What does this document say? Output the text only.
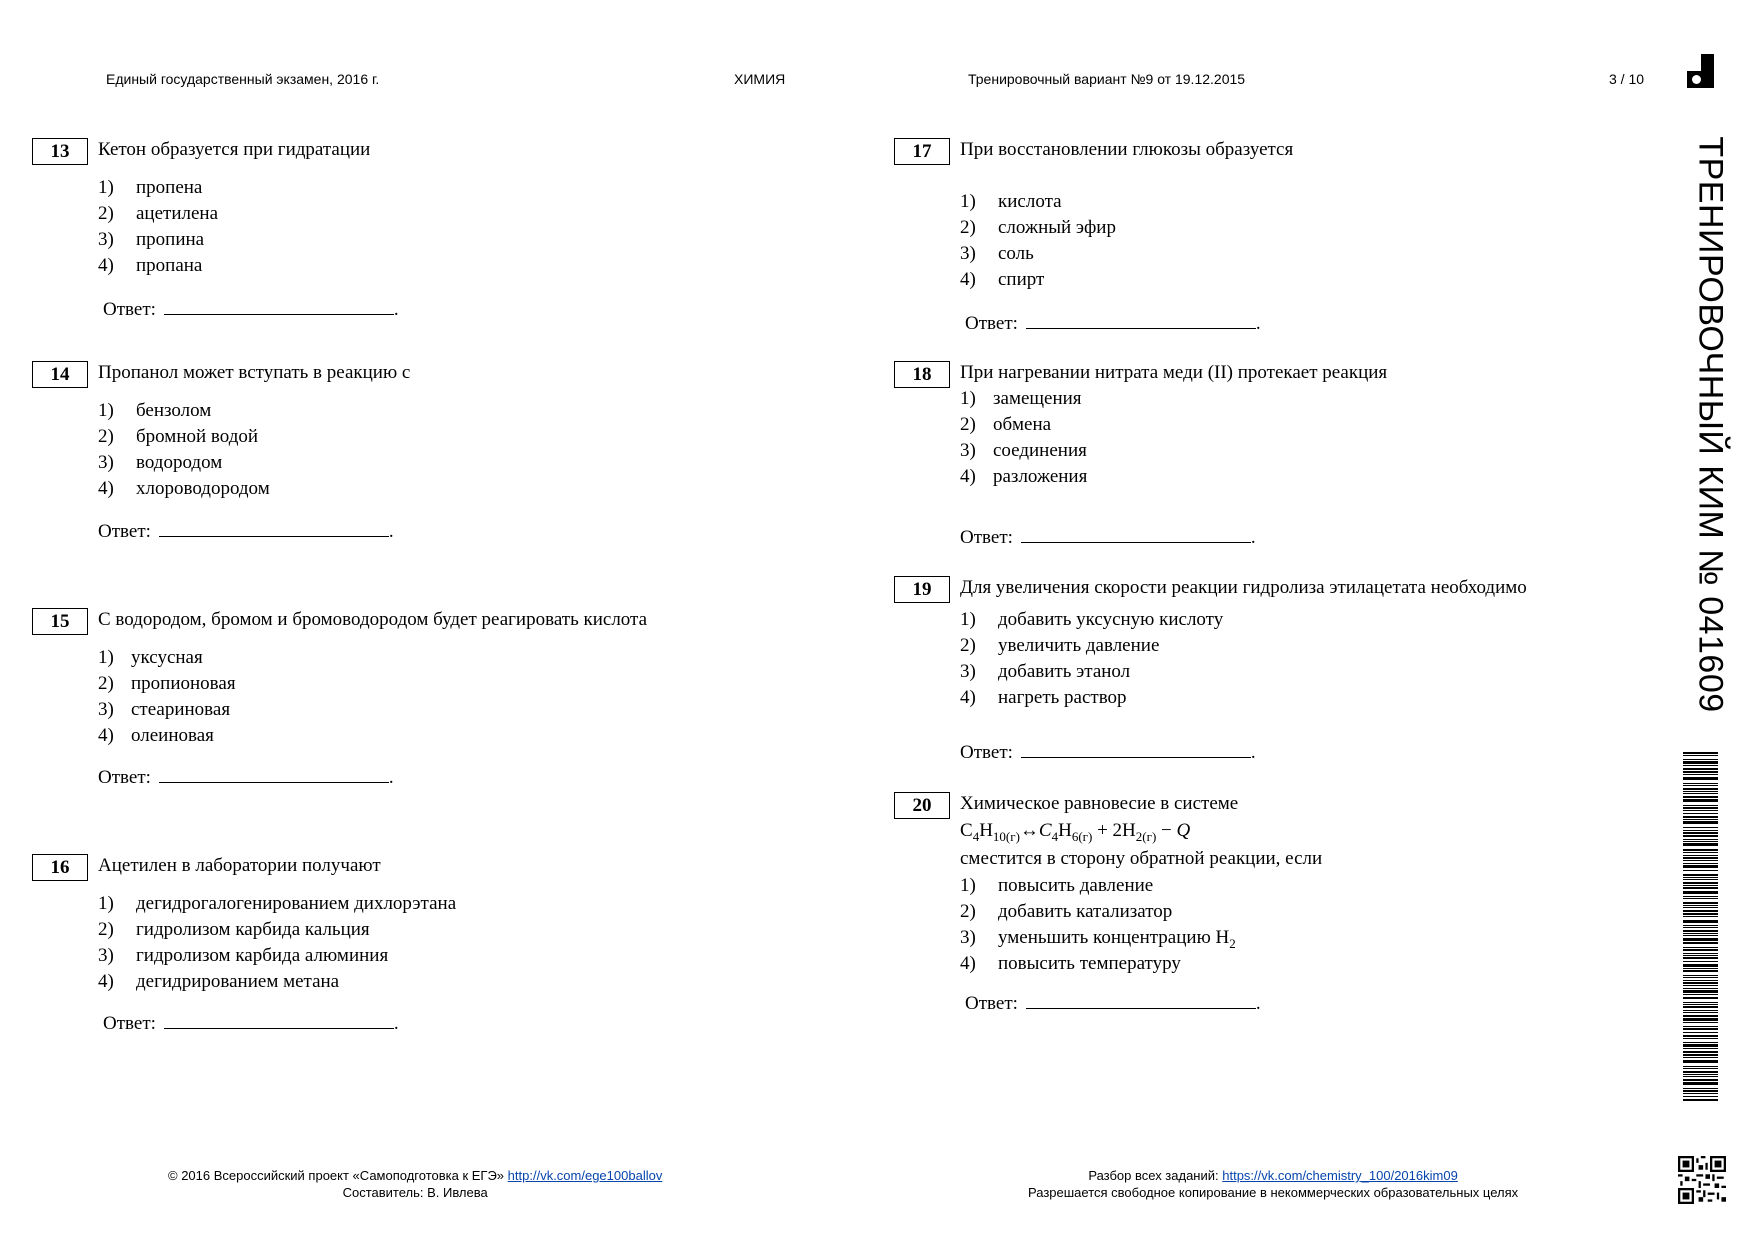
Единый государственный экзамен, 2016 г.	ХИМИЯ	Тренировочный вариант №9 от 19.12.2015	3 / 10
13	Кетон образуется при гидратации
1) пропена
2) ацетилена
3) пропина
4) пропана
Ответ:	.
14	Пропанол может вступать в реакцию с
1) бензолом
2) бромной водой
3) водородом
4) хлороводородом
Ответ:	.
15	С водородом, бромом и бромоводородом будет реагировать кислота
1) уксусная
2) пропионовая
3) стеариновая
4) олеиновая
Ответ:	.
16	Ацетилен в лаборатории получают
1) дегидрогалогенированием дихлорэтана
2) гидролизом карбида кальция
3) гидролизом карбида алюминия
4) дегидрированием метана
Ответ:	.
17	При восстановлении глюкозы образуется
1) кислота
2) сложный эфир
3) соль
4) спирт
Ответ:	.
18	При нагревании нитрата меди (II) протекает реакция
1) замещения
2) обмена
3) соединения
4) разложения
Ответ:	.
19	Для увеличения скорости реакции гидролиза этилацетата необходимо
1) добавить уксусную кислоту
2) увеличить давление
3) добавить этанол
4) нагреть раствор
Ответ:	.
20	Химическое равновесие в системе
$C_4H_{10(г)}\leftrightarrow C_4H_{6(г)} + 2H_{2(г)} - Q$
сместится в сторону обратной реакции, если
1) повысить давление
2) добавить катализатор
3) уменьшить концентрацию $H_2$
4) повысить температуру
Ответ:	.
ТРЕНИРОВОЧНЫЙ КИМ № 041609
© 2016 Всероссийский проект «Самоподготовка к ЕГЭ» http://vk.com/ege100ballov
Составитель: В. Ивлева
Разбор всех заданий: https://vk.com/chemistry_100/2016kim09
Разрешается свободное копирование в некоммерческих образовательных целях
